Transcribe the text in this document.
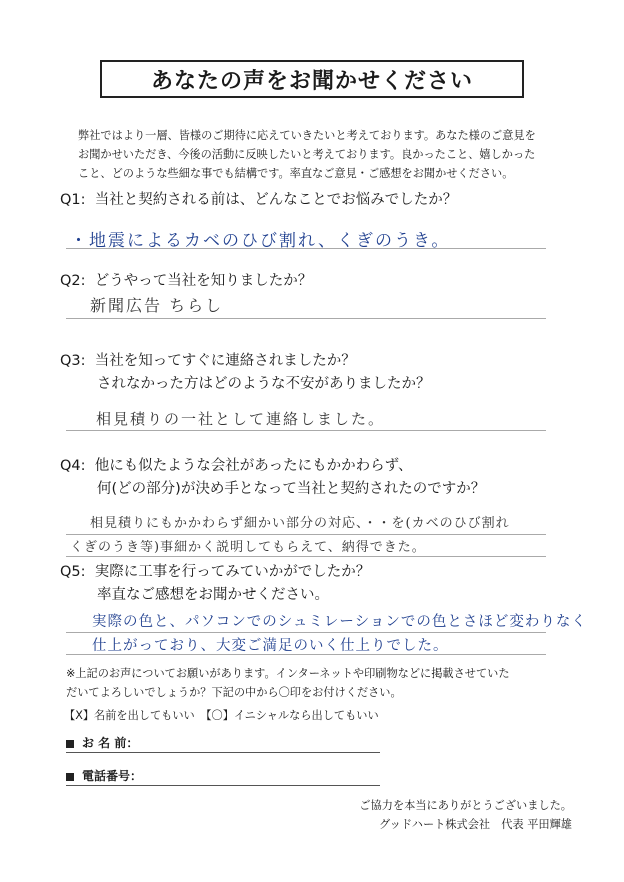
あなたの声をお聞かせください
弊社ではより一層、皆様のご期待に応えていきたいと考えております。あなた様のご意見を
お聞かせいただき、今後の活動に反映したいと考えております。良かったこと、嬉しかった
こと、どのような些細な事でも結構です。率直なご意見・ご感想をお聞かせください。
Q1: 当社と契約される前は、どんなことでお悩みでしたか？
・地震によるカベのひび割れ、くぎのうき。
Q2: どうやって当社を知りましたか？
新聞広告 ちらし
Q3: 当社を知ってすぐに連絡されましたか？
されなかった方はどのような不安がありましたか？
相見積りの一社として連絡しました。
Q4: 他にも似たような会社があったにもかかわらず、
何(どの部分)が決め手となって当社と契約されたのですか？
相見積りにもかかわらず細かい部分の対応、・・を(カベのひび割れ
くぎのうき等)事細かく説明してもらえて、納得できた。
Q5: 実際に工事を行ってみていかがでしたか？
率直なご感想をお聞かせください。
実際の色と、パソコンでのシュミレーションでの色とさほど変わりなく
仕上がっており、大変ご満足のいく仕上りでした。
※上記のお声についてお願いがあります。インターネットや印刷物などに掲載させていた
だいてよろしいでしょうか？下記の中から〇印をお付けください。
【X】名前を出してもいい　【〇】イニシャルなら出してもいい
お 名 前：
電話番号：
ご協力を本当にありがとうございました。
グッドハート株式会社　代表 平田輝雄
